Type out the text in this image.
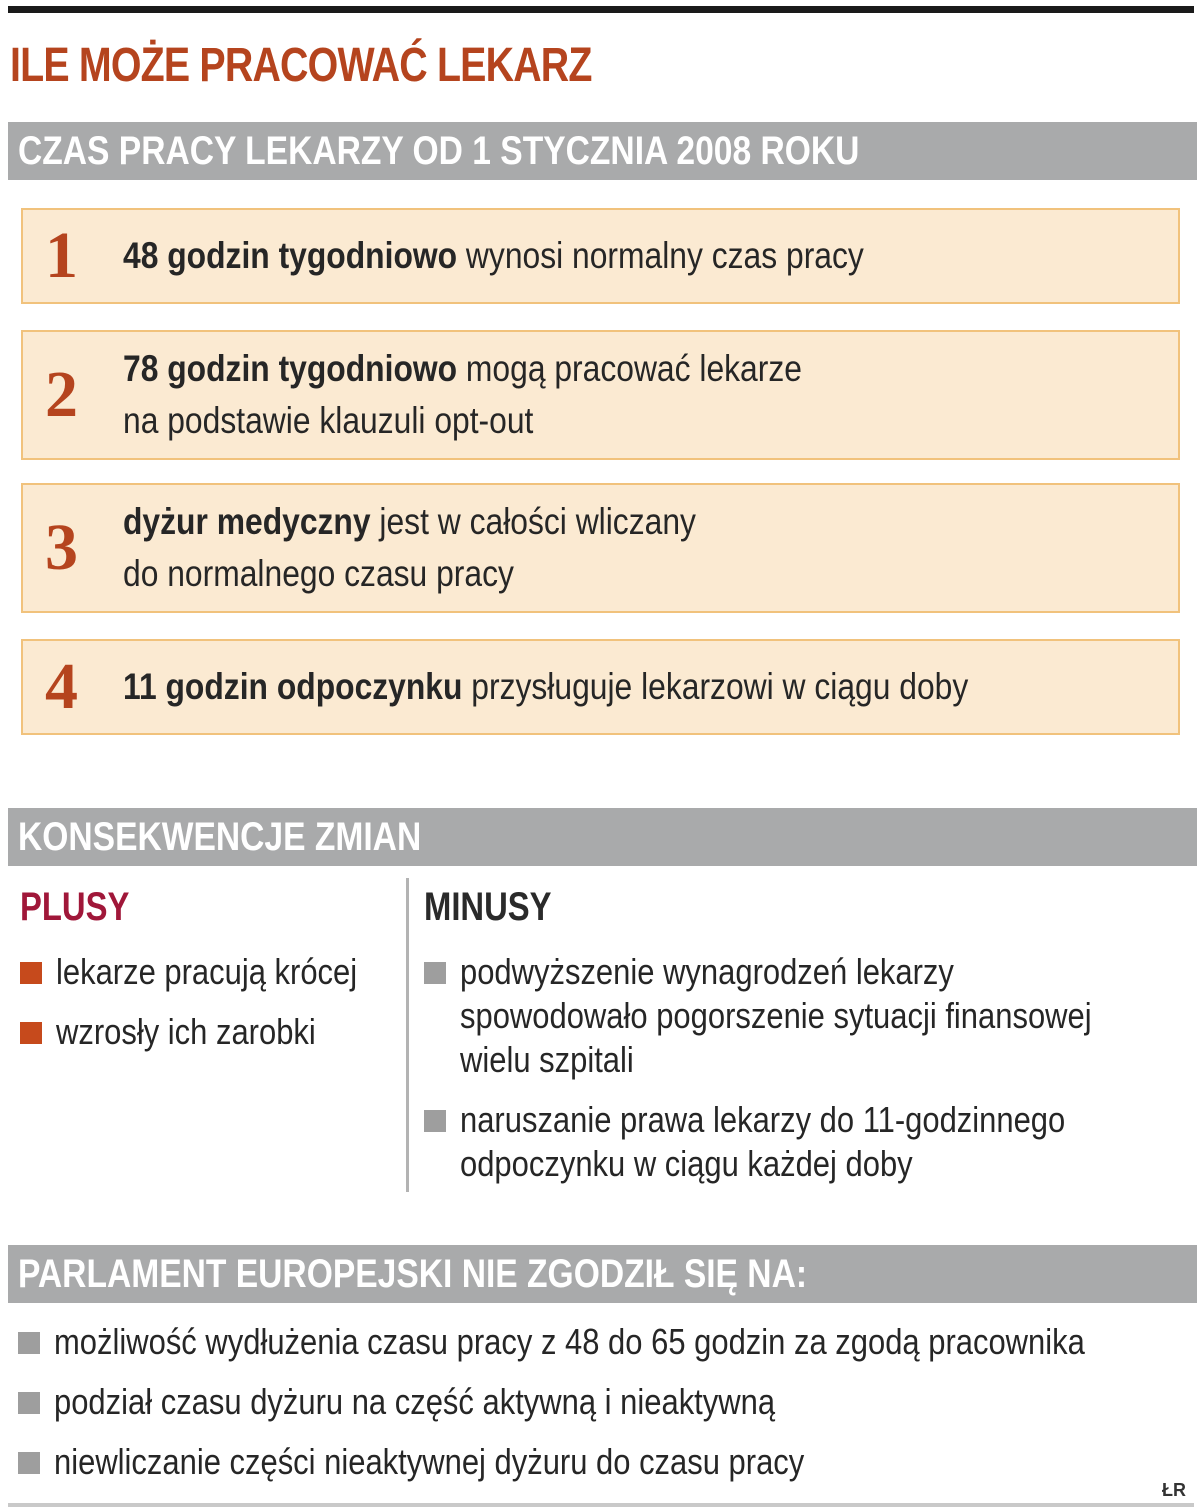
ILE MOŻE PRACOWAĆ LEKARZ
CZAS PRACY LEKARZY OD 1 STYCZNIA 2008 ROKU
1 48 godzin tygodniowo wynosi normalny czas pracy
2 78 godzin tygodniowo mogą pracować lekarze
na podstawie klauzuli opt-out
3 dyżur medyczny jest w całości wliczany
do normalnego czasu pracy
4 11 godzin odpoczynku przysługuje lekarzowi w ciągu doby
KONSEKWENCJE ZMIAN
PLUSY	MINUSY
lekarze pracują krócej
wzrosły ich zarobki
podwyższenie wynagrodzeń lekarzy
spowodowało pogorszenie sytuacji finansowej
wielu szpitali
naruszanie prawa lekarzy do 11-godzinnego
odpoczynku w ciągu każdej doby
PARLAMENT EUROPEJSKI NIE ZGODZIŁ SIĘ NA:
możliwość wydłużenia czasu pracy z 48 do 65 godzin za zgodą pracownika
podział czasu dyżuru na część aktywną i nieaktywną
niewliczanie części nieaktywnej dyżuru do czasu pracy
ŁR
